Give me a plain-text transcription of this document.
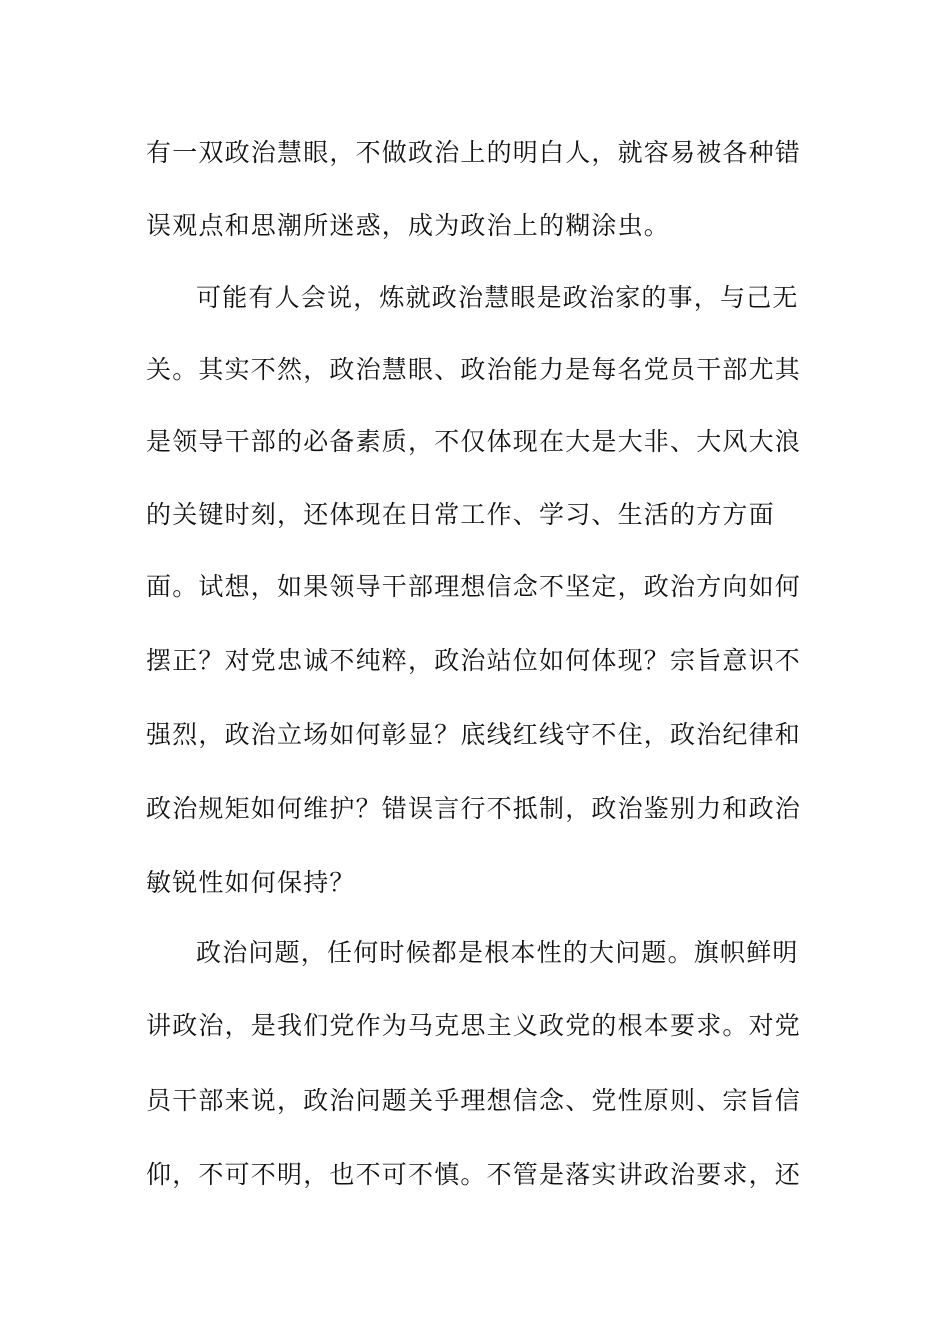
有一双政治慧眼，不做政治上的明白人，就容易被各种错
误观点和思潮所迷惑，成为政治上的糊涂虫。
可能有人会说，炼就政治慧眼是政治家的事，与己无
关。其实不然，政治慧眼、政治能力是每名党员干部尤其
是领导干部的必备素质，不仅体现在大是大非、大风大浪
的关键时刻，还体现在日常工作、学习、生活的方方面
面。试想，如果领导干部理想信念不坚定，政治方向如何
摆正？对党忠诚不纯粹，政治站位如何体现？宗旨意识不
强烈，政治立场如何彰显？底线红线守不住，政治纪律和
政治规矩如何维护？错误言行不抵制，政治鉴别力和政治
敏锐性如何保持？
政治问题，任何时候都是根本性的大问题。旗帜鲜明
讲政治，是我们党作为马克思主义政党的根本要求。对党
员干部来说，政治问题关乎理想信念、党性原则、宗旨信
仰，不可不明，也不可不慎。不管是落实讲政治要求，还
